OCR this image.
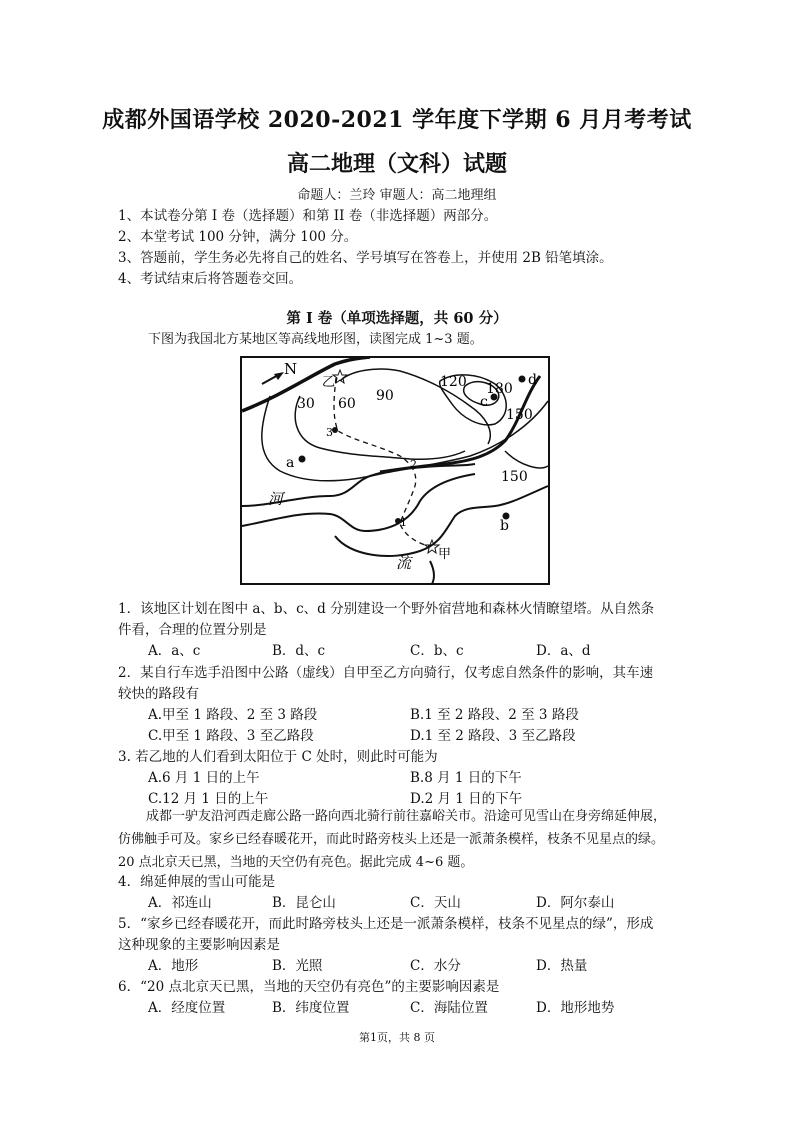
成都外国语学校 2020-2021 学年度下学期 6 月月考考试
高二地理（文科）试题
命题人：兰玲 审题人：高二地理组
1、本试卷分第 I 卷（选择题）和第 II 卷（非选择题）两部分。
2、本堂考试 100 分钟，满分 100 分。
3、答题前，学生务必先将自己的姓名、学号填写在答卷上，并使用 2B 铅笔填涂。
4、考试结束后将答题卷交回。
第 I 卷（单项选择题，共 60 分）
下图为我国北方某地区等高线地形图，读图完成 1~3 题。
N
a
b
c
d
3
2
1
乙
甲
30 60 90
120 180
150
150
河
流
1．该地区计划在图中 a、b、c、d 分别建设一个野外宿营地和森林火情瞭望塔。从自然条
件看，合理的位置分别是
A．a、c	B．d、c	C．b、c	D．a、d
2．某自行车选手沿图中公路（虚线）自甲至乙方向骑行，仅考虑自然条件的影响，其车速
较快的路段有
A.甲至 1 路段、2 至 3 路段	B.1 至 2 路段、2 至 3 路段
C.甲至 1 路段、3 至乙路段	D.1 至 2 路段、3 至乙路段
3. 若乙地的人们看到太阳位于 C 处时，则此时可能为
A.6 月 1 日的上午	B.8 月 1 日的下午
C.12 月 1 日的上午	D.2 月 1 日的下午
成都一驴友沿河西走廊公路一路向西北骑行前往嘉峪关市。沿途可见雪山在身旁绵延伸展，仿佛触手可及。家乡已经春暖花开，而此时路旁枝头上还是一派萧条模样，枝条不见星点的绿。20 点北京天已黑，当地的天空仍有亮色。据此完成 4~6 题。
4．绵延伸展的雪山可能是
A．祁连山	B．昆仑山	C．天山	D．阿尔泰山
5．“家乡已经春暖花开，而此时路旁枝头上还是一派萧条模样，枝条不见星点的绿”，形成
这种现象的主要影响因素是
A．地形	B．光照	C．水分	D．热量
6．“20 点北京天已黑，当地的天空仍有亮色”的主要影响因素是
A．经度位置	B．纬度位置	C．海陆位置	D．地形地势
第1页，共 8 页
